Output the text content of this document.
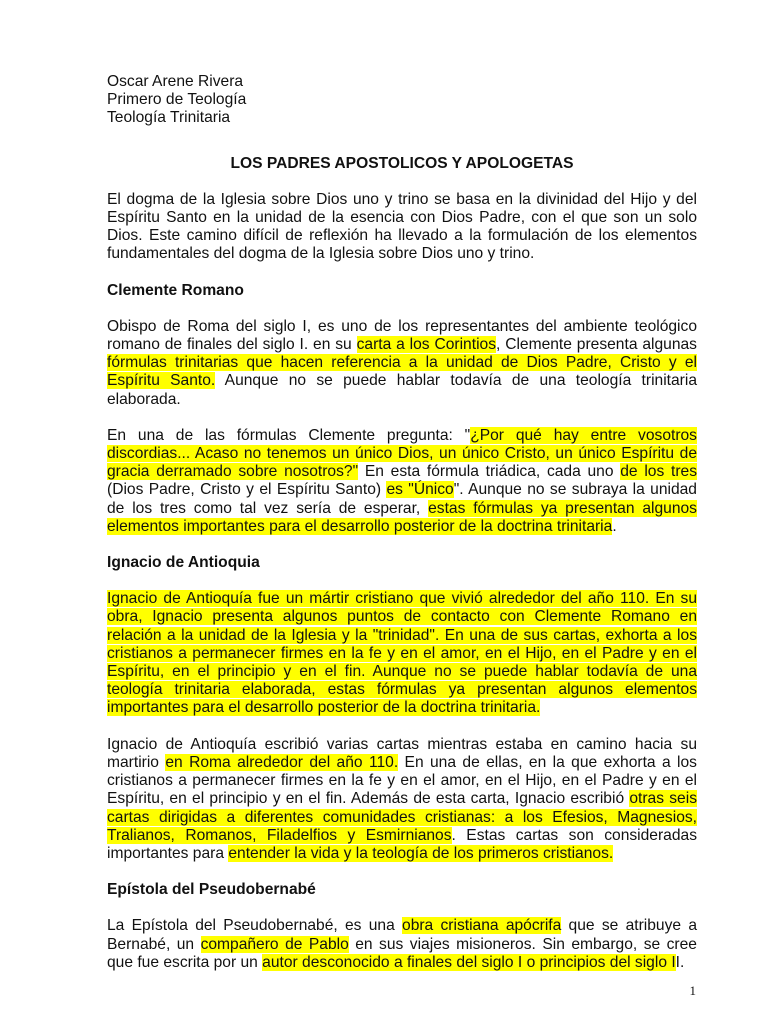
Oscar Arene Rivera
Primero de Teología
Teología Trinitaria
LOS PADRES APOSTOLICOS Y APOLOGETAS

El dogma de la Iglesia sobre Dios uno y trino se basa en la divinidad del Hijo y del Espíritu Santo en la unidad de la esencia con Dios Padre, con el que son un solo Dios. Este camino difícil de reflexión ha llevado a la formulación de los elementos fundamentales del dogma de la Iglesia sobre Dios uno y trino.

Clemente Romano

Obispo de Roma del siglo I, es uno de los representantes del ambiente teológico romano de finales del siglo I. en su carta a los Corintios, Clemente presenta algunas fórmulas trinitarias que hacen referencia a la unidad de Dios Padre, Cristo y el Espíritu Santo. Aunque no se puede hablar todavía de una teología trinitaria elaborada.

En una de las fórmulas Clemente pregunta: "¿Por qué hay entre vosotros discordias... Acaso no tenemos un único Dios, un único Cristo, un único Espíritu de gracia derramado sobre nosotros?" En esta fórmula triádica, cada uno de los tres (Dios Padre, Cristo y el Espíritu Santo) es "Único". Aunque no se subraya la unidad de los tres como tal vez sería de esperar, estas fórmulas ya presentan algunos elementos importantes para el desarrollo posterior de la doctrina trinitaria.

Ignacio de Antioquia

Ignacio de Antioquía fue un mártir cristiano que vivió alrededor del año 110. En su obra, Ignacio presenta algunos puntos de contacto con Clemente Romano en relación a la unidad de la Iglesia y la "trinidad". En una de sus cartas, exhorta a los cristianos a permanecer firmes en la fe y en el amor, en el Hijo, en el Padre y en el Espíritu, en el principio y en el fin. Aunque no se puede hablar todavía de una teología trinitaria elaborada, estas fórmulas ya presentan algunos elementos importantes para el desarrollo posterior de la doctrina trinitaria.

Ignacio de Antioquía escribió varias cartas mientras estaba en camino hacia su martirio en Roma alrededor del año 110. En una de ellas, en la que exhorta a los cristianos a permanecer firmes en la fe y en el amor, en el Hijo, en el Padre y en el Espíritu, en el principio y en el fin. Además de esta carta, Ignacio escribió otras seis cartas dirigidas a diferentes comunidades cristianas: a los Efesios, Magnesios, Tralianos, Romanos, Filadelfios y Esmirnianos. Estas cartas son consideradas importantes para entender la vida y la teología de los primeros cristianos.

Epístola del Pseudobernabé

La Epístola del Pseudobernabé, es una obra cristiana apócrifa que se atribuye a Bernabé, un compañero de Pablo en sus viajes misioneros. Sin embargo, se cree que fue escrita por un autor desconocido a finales del siglo I o principios del siglo II.

1
